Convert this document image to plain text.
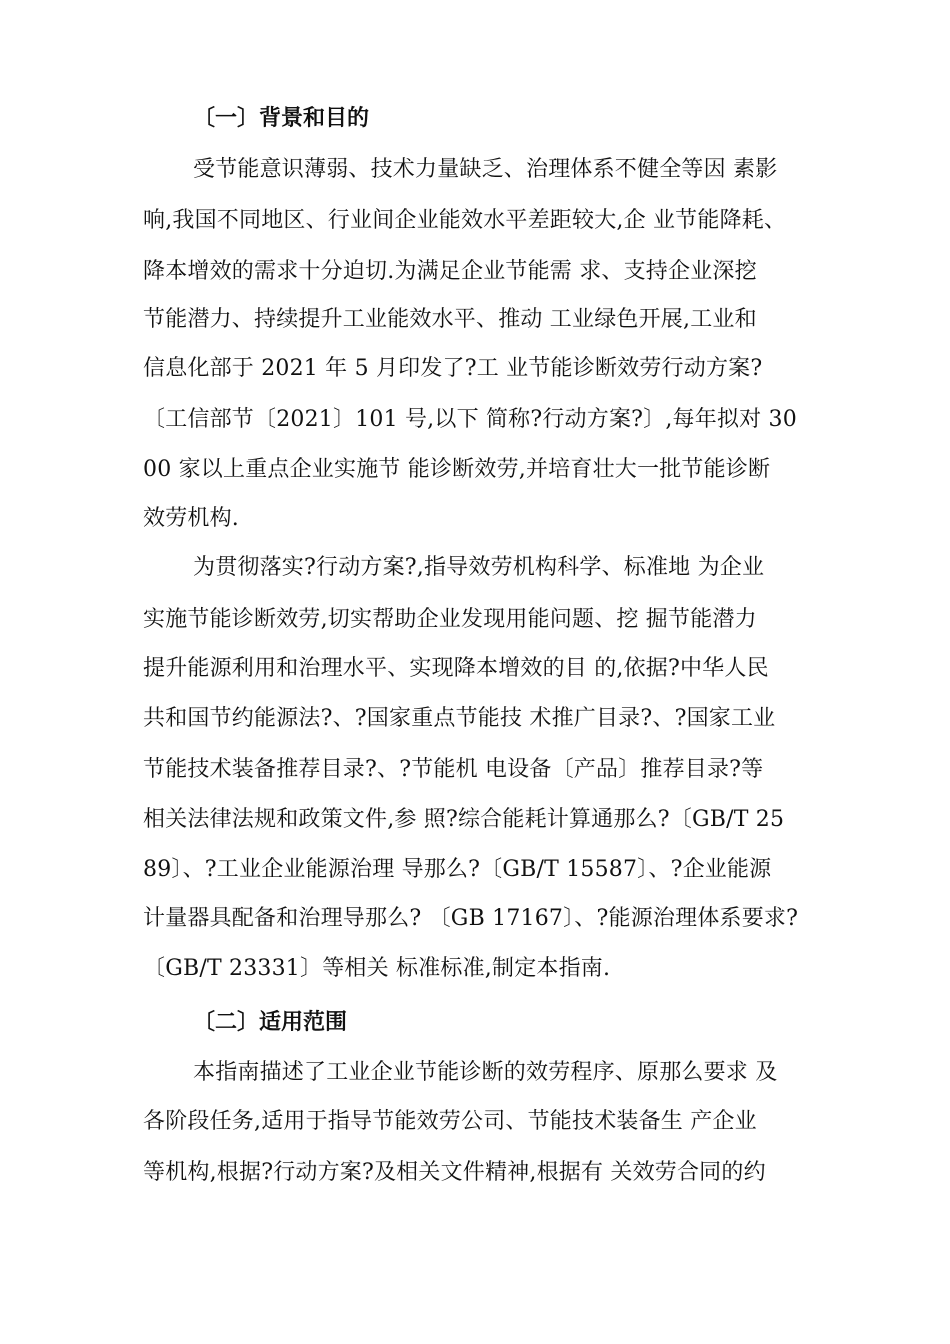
〔一〕背景和目的
受节能意识薄弱、技术力量缺乏、治理体系不健全等因 素影
响,我国不同地区、行业间企业能效水平差距较大,企 业节能降耗、
降本增效的需求十分迫切.为满足企业节能需 求、支持企业深挖
节能潜力、持续提升工业能效水平、推动 工业绿色开展,工业和
信息化部于 2021 年 5 月印发了?工 业节能诊断效劳行动方案?
〔工信部节〔2021〕101 号,以下 简称?行动方案?〕,每年拟对 30
00 家以上重点企业实施节 能诊断效劳,并培育壮大一批节能诊断
效劳机构.
为贯彻落实?行动方案?,指导效劳机构科学、标准地 为企业
实施节能诊断效劳,切实帮助企业发现用能问题、挖 掘节能潜力
提升能源利用和治理水平、实现降本增效的目 的,依据?中华人民
共和国节约能源法?、?国家重点节能技 术推广目录?、?国家工业
节能技术装备推荐目录?、?节能机 电设备〔产品〕推荐目录?等
相关法律法规和政策文件,参 照?综合能耗计算通那么?〔GB/T 25
89〕、?工业企业能源治理 导那么?〔GB/T 15587〕、?企业能源
计量器具配备和治理导那么? 〔GB 17167〕、?能源治理体系要求?
〔GB/T 23331〕等相关 标准标准,制定本指南.
〔二〕适用范围
本指南描述了工业企业节能诊断的效劳程序、原那么要求 及
各阶段任务,适用于指导节能效劳公司、节能技术装备生 产企业
等机构,根据?行动方案?及相关文件精神,根据有 关效劳合同的约
